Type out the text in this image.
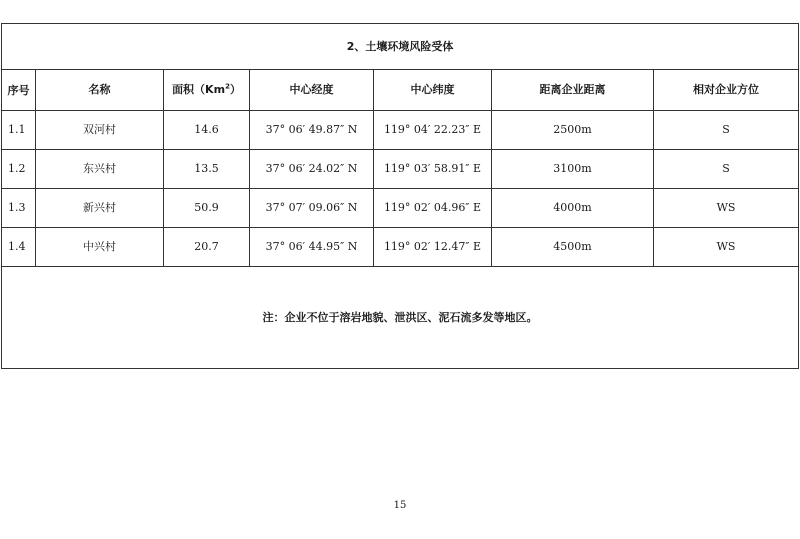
2、土壤环境风险受体						
序号	名称	面积（Km$^2$）	中心经度	中心纬度	距离企业距离	相对企业方位
1.1	双河村	14.6	37° 06′ 49.87″ N	119° 04′ 22.23″ E	2500m	S
1.2	东兴村	13.5	37° 06′ 24.02″ N	119° 03′ 58.91″ E	3100m	S
1.3	新兴村	50.9	37° 07′ 09.06″ N	119° 02′ 04.96″ E	4000m	WS
1.4	中兴村	20.7	37° 06′ 44.95″ N	119° 02′ 12.47″ E	4500m	WS
注：企业不位于溶岩地貌、泄洪区、泥石流多发等地区。						
15
